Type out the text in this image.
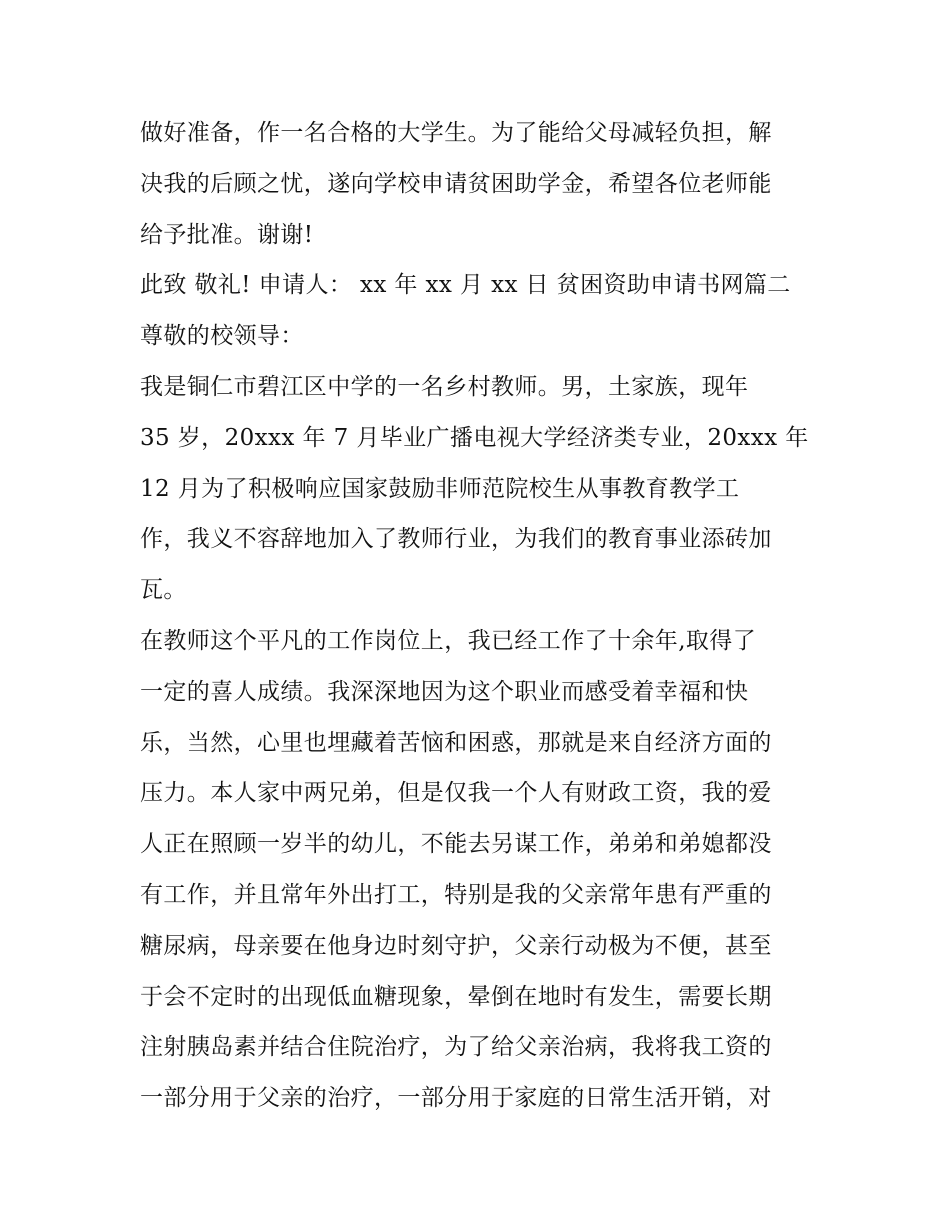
做好准备，作一名合格的大学生。为了能给父母减轻负担，解
决我的后顾之忧，遂向学校申请贫困助学金，希望各位老师能
给予批准。谢谢!
此致 敬礼! 申请人： xx 年 xx 月 xx 日 贫困资助申请书网篇二
尊敬的校领导：
我是铜仁市碧江区中学的一名乡村教师。男，土家族，现年
35 岁，20xxx 年 7 月毕业广播电视大学经济类专业，20xxx 年
12 月为了积极响应国家鼓励非师范院校生从事教育教学工
作，我义不容辞地加入了教师行业，为我们的教育事业添砖加
瓦。
在教师这个平凡的工作岗位上，我已经工作了十余年,取得了
一定的喜人成绩。我深深地因为这个职业而感受着幸福和快
乐，当然，心里也埋藏着苦恼和困惑，那就是来自经济方面的
压力。本人家中两兄弟，但是仅我一个人有财政工资，我的爱
人正在照顾一岁半的幼儿，不能去另谋工作，弟弟和弟媳都没
有工作，并且常年外出打工，特别是我的父亲常年患有严重的
糖尿病，母亲要在他身边时刻守护，父亲行动极为不便，甚至
于会不定时的出现低血糖现象，晕倒在地时有发生，需要长期
注射胰岛素并结合住院治疗，为了给父亲治病，我将我工资的
一部分用于父亲的治疗，一部分用于家庭的日常生活开销，对
